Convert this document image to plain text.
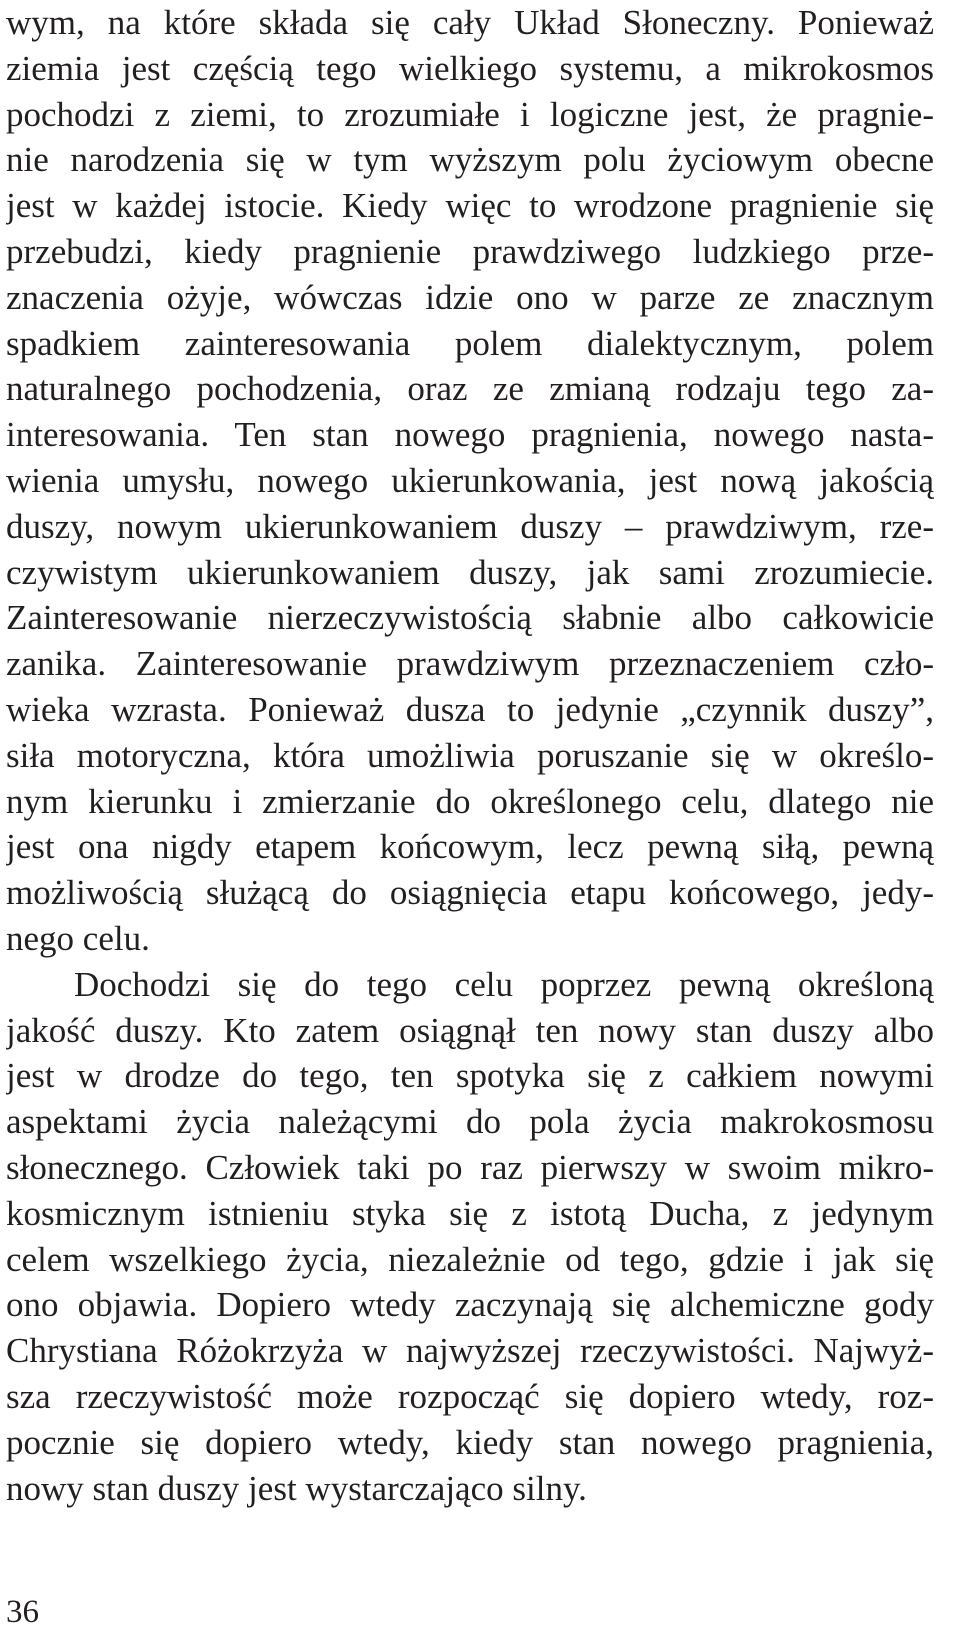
wym, na które składa się cały Układ Słoneczny. Ponieważ
ziemia jest częścią tego wielkiego systemu, a mikrokosmos
pochodzi z ziemi, to zrozumiałe i logiczne jest, że pragnie-
nie narodzenia się w tym wyższym polu życiowym obecne
jest w każdej istocie. Kiedy więc to wrodzone pragnienie się
przebudzi, kiedy pragnienie prawdziwego ludzkiego prze-
znaczenia ożyje, wówczas idzie ono w parze ze znacznym
spadkiem zainteresowania polem dialektycznym, polem
naturalnego pochodzenia, oraz ze zmianą rodzaju tego za-
interesowania. Ten stan nowego pragnienia, nowego nasta-
wienia umysłu, nowego ukierunkowania, jest nową jakością
duszy, nowym ukierunkowaniem duszy – prawdziwym, rze-
czywistym ukierunkowaniem duszy, jak sami zrozumiecie.
Zainteresowanie nierzeczywistością słabnie albo całkowicie
zanika. Zainteresowanie prawdziwym przeznaczeniem czło-
wieka wzrasta. Ponieważ dusza to jedynie „czynnik duszy”,
siła motoryczna, która umożliwia poruszanie się w określo-
nym kierunku i zmierzanie do określonego celu, dlatego nie
jest ona nigdy etapem końcowym, lecz pewną siłą, pewną
możliwością służącą do osiągnięcia etapu końcowego, jedy-
nego celu.
Dochodzi się do tego celu poprzez pewną określoną
jakość duszy. Kto zatem osiągnął ten nowy stan duszy albo
jest w drodze do tego, ten spotyka się z całkiem nowymi
aspektami życia należącymi do pola życia makrokosmosu
słonecznego. Człowiek taki po raz pierwszy w swoim mikro-
kosmicznym istnieniu styka się z istotą Ducha, z jedynym
celem wszelkiego życia, niezależnie od tego, gdzie i jak się
ono objawia. Dopiero wtedy zaczynają się alchemiczne gody
Chrystiana Różokrzyża w najwyższej rzeczywistości. Najwyż-
sza rzeczywistość może rozpocząć się dopiero wtedy, roz-
pocznie się dopiero wtedy, kiedy stan nowego pragnienia,
nowy stan duszy jest wystarczająco silny.
36
